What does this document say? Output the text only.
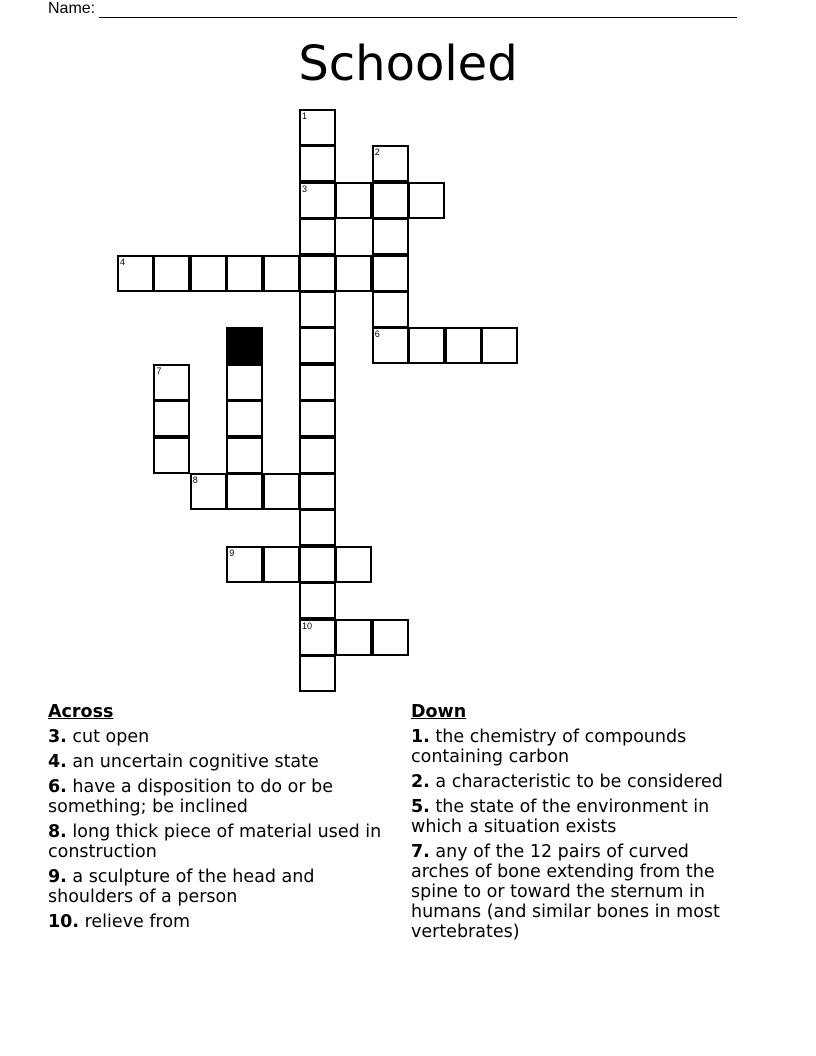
Name:
Schooled
3
4
6
8
9
10
1
2
5
7
Across
3. cut open
4. an uncertain cognitive state
6. have a disposition to do or be something; be inclined
8. long thick piece of material used in construction
9. a sculpture of the head and shoulders of a person
10. relieve from
Down
1. the chemistry of compounds containing carbon
2. a characteristic to be considered
5. the state of the environment in which a situation exists
7. any of the 12 pairs of curved arches of bone extending from the spine to or toward the sternum in humans (and similar bones in most vertebrates)
